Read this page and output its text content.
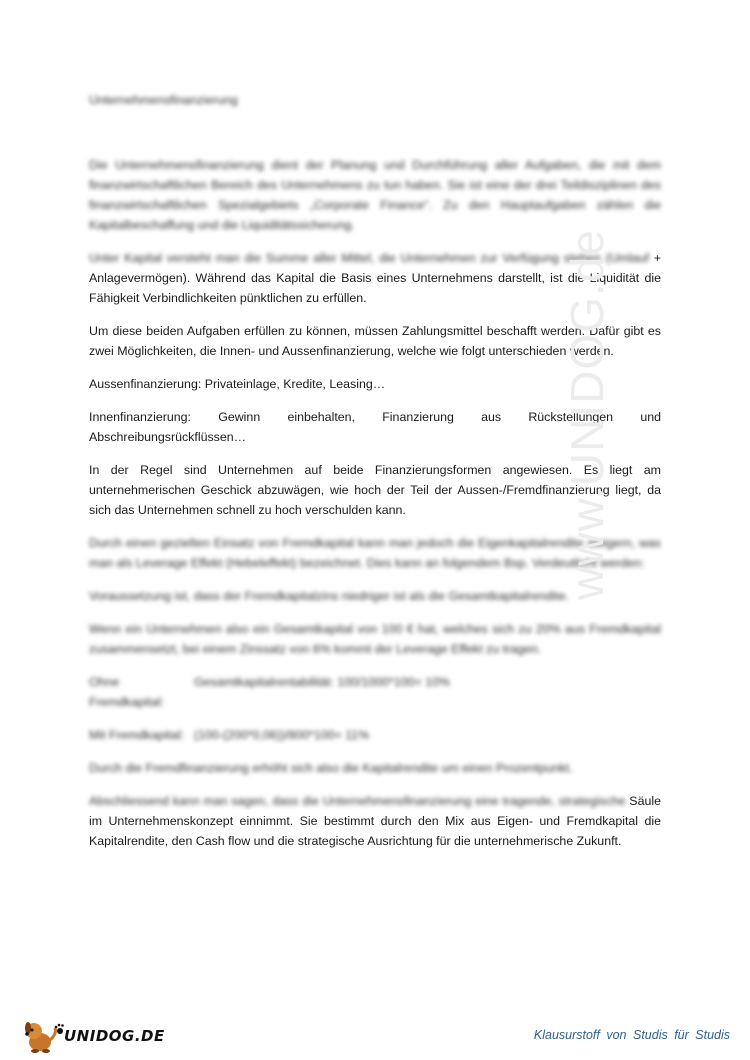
Unternehmensfinanzierung

Die Unternehmensfinanzierung dient der Planung und Durchführung aller Aufgaben, die mit dem finanzwirtschaftlichen Bereich des Unternehmens zu tun haben. Sie ist eine der drei Teildisziplinen des finanzwirtschaftlichen Spezialgebiets „Corporate Finance“. Zu den Hauptaufgaben zählen die Kapitalbeschaffung und die Liquiditätssicherung.

Unter Kapital versteht man die Summe aller Mittel, die Unternehmen zur Verfügung stehen (Umlauf + Anlagevermögen). Während das Kapital die Basis eines Unternehmens darstellt, ist die Liquidität die Fähigkeit Verbindlichkeiten pünktlichen zu erfüllen.

Um diese beiden Aufgaben erfüllen zu können, müssen Zahlungsmittel beschafft werden. Dafür gibt es zwei Möglichkeiten, die Innen- und Aussenfinanzierung, welche wie folgt unterschieden werden.

Aussenfinanzierung: Privateinlage, Kredite, Leasing…

Innenfinanzierung: Gewinn einbehalten, Finanzierung aus Rückstellungen und Abschreibungsrückflüssen…

In der Regel sind Unternehmen auf beide Finanzierungsformen angewiesen. Es liegt am unternehmerischen Geschick abzuwägen, wie hoch der Teil der Aussen-/Fremdfinanzierung liegt, da sich das Unternehmen schnell zu hoch verschulden kann.

Durch einen gezielten Einsatz von Fremdkapital kann man jedoch die Eigenkapitalrendite steigern, was man als Leverage Effekt (Hebeleffekt) bezeichnet. Dies kann an folgendem Bsp. Verdeutlicht werden:

Voraussetzung ist, dass der Fremdkapitalzins niedriger ist als die Gesamtkapitalrendite.

Wenn ein Unternehmen also ein Gesamtkapital von 100 € hat, welches sich zu 20% aus Fremdkapital zusammensetzt, bei einem Zinssatz von 6% kommt der Leverage Effekt zu tragen.

Ohne Fremdkapital:
Gesamtkapitalrentabilität: 100/1000*100= 10%
Mit Fremdkapital: (100-(200*0,06))/800*100= 11%

Durch die Fremdfinanzierung erhöht sich also die Kapitalrendite um einen Prozentpunkt.

Abschliessend kann man sagen, dass die Unternehmensfinanzierung eine tragende, strategische Säule im Unternehmenskonzept einnimmt. Sie bestimmt durch den Mix aus Eigen- und Fremdkapital die Kapitalrendite, den Cash flow und die strategische Ausrichtung für die unternehmerische Zukunft.

www.UNIDOG.de
UNIDOG.DE	Klausurstoff von Studis für Studis
